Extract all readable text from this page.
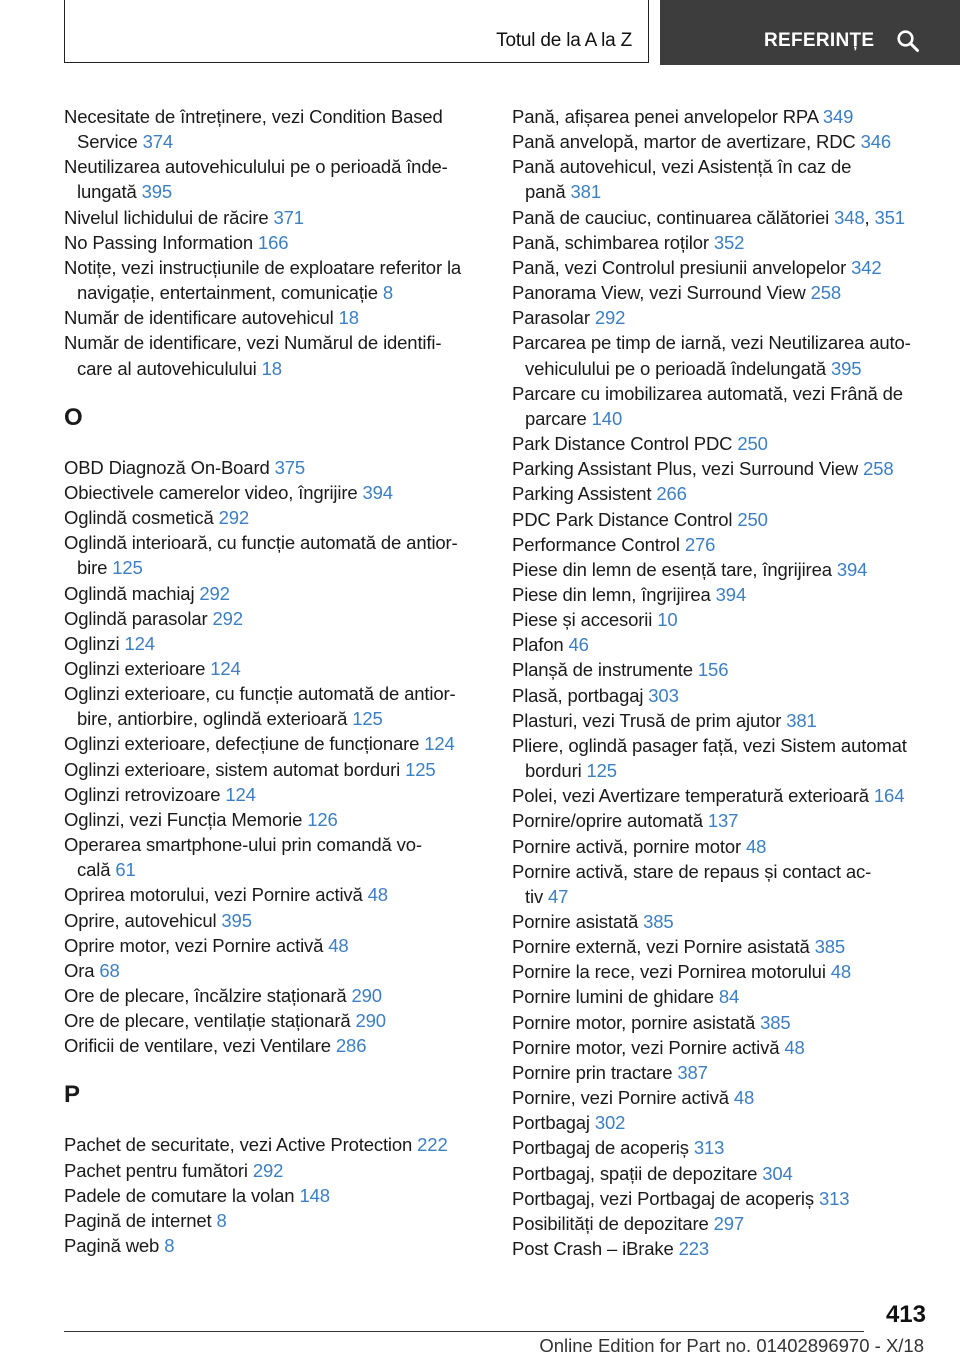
Totul de la A la Z	REFERINȚE
Necesitate de întreținere, vezi Condition Based
Service 374
Neutilizarea autovehiculului pe o perioadă înde-
lungată 395
Nivelul lichidului de răcire 371
No Passing Information 166
Notițe, vezi instrucțiunile de exploatare referitor la
navigație, entertainment, comunicație 8
Număr de identificare autovehicul 18
Număr de identificare, vezi Numărul de identifi-
care al autovehiculului 18
O
OBD Diagnoză On-Board 375
Obiectivele camerelor video, îngrijire 394
Oglindă cosmetică 292
Oglindă interioară, cu funcție automată de antior-
bire 125
Oglindă machiaj 292
Oglindă parasolar 292
Oglinzi 124
Oglinzi exterioare 124
Oglinzi exterioare, cu funcție automată de antior-
bire, antiorbire, oglindă exterioară 125
Oglinzi exterioare, defecțiune de funcționare 124
Oglinzi exterioare, sistem automat borduri 125
Oglinzi retrovizoare 124
Oglinzi, vezi Funcția Memorie 126
Operarea smartphone-ului prin comandă vo-
cală 61
Oprirea motorului, vezi Pornire activă 48
Oprire, autovehicul 395
Oprire motor, vezi Pornire activă 48
Ora 68
Ore de plecare, încălzire staționară 290
Ore de plecare, ventilație staționară 290
Orificii de ventilare, vezi Ventilare 286
P
Pachet de securitate, vezi Active Protection 222
Pachet pentru fumători 292
Padele de comutare la volan 148
Pagină de internet 8
Pagină web 8
Pană, afișarea penei anvelopelor RPA 349
Pană anvelopă, martor de avertizare, RDC 346
Pană autovehicul, vezi Asistență în caz de
pană 381
Pană de cauciuc, continuarea călătoriei 348, 351
Pană, schimbarea roților 352
Pană, vezi Controlul presiunii anvelopelor 342
Panorama View, vezi Surround View 258
Parasolar 292
Parcarea pe timp de iarnă, vezi Neutilizarea auto-
vehiculului pe o perioadă îndelungată 395
Parcare cu imobilizarea automată, vezi Frână de
parcare 140
Park Distance Control PDC 250
Parking Assistant Plus, vezi Surround View 258
Parking Assistent 266
PDC Park Distance Control 250
Performance Control 276
Piese din lemn de esență tare, îngrijirea 394
Piese din lemn, îngrijirea 394
Piese și accesorii 10
Plafon 46
Planșă de instrumente 156
Plasă, portbagaj 303
Plasturi, vezi Trusă de prim ajutor 381
Pliere, oglindă pasager față, vezi Sistem automat
borduri 125
Polei, vezi Avertizare temperatură exterioară 164
Pornire/oprire automată 137
Pornire activă, pornire motor 48
Pornire activă, stare de repaus și contact ac-
tiv 47
Pornire asistată 385
Pornire externă, vezi Pornire asistată 385
Pornire la rece, vezi Pornirea motorului 48
Pornire lumini de ghidare 84
Pornire motor, pornire asistată 385
Pornire motor, vezi Pornire activă 48
Pornire prin tractare 387
Pornire, vezi Pornire activă 48
Portbagaj 302
Portbagaj de acoperiș 313
Portbagaj, spații de depozitare 304
Portbagaj, vezi Portbagaj de acoperiș 313
Posibilități de depozitare 297
Post Crash – iBrake 223
413
Online Edition for Part no. 01402896970 - X/18
